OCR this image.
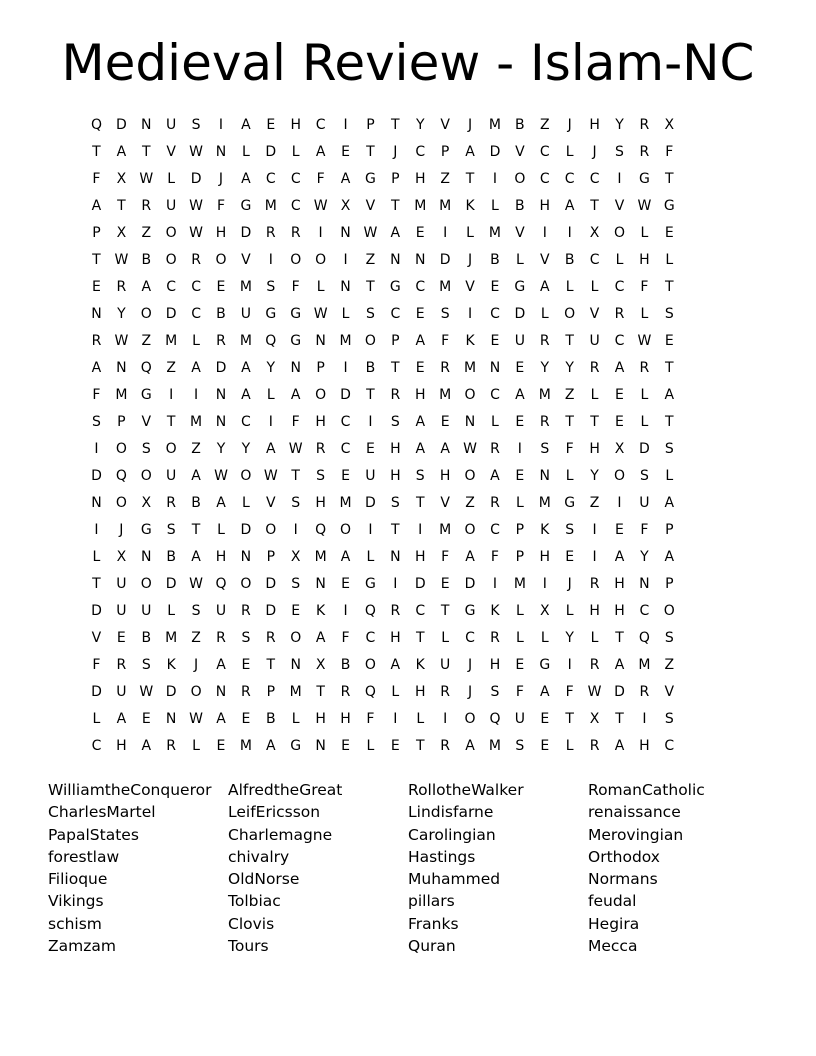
Medieval Review - Islam-NC
Q	D	N	U	S	I	A	E	H	C	I	P	T	Y	V	J	M	B	Z	J	H	Y	R	X
T	A	T	V W N	L	D	L	A	E	T	J	C	P	A	D	V	C	L	J	S	R	F
F	X W	L	D	J	A	C	C	F	A	G	P	H	Z	T	I	O	C	C	C	I	G	T
A	T	R	U W F	G M C W X	V	T	M M	K	L	B	H	A	T	V W G
P	X	Z	O W H	D	R	R	I	N W A	E	I	L	M	V	I	I	X	O	L	E
T W B	O	R	O	V	I	O O	I	Z	N	N	D	J	B	L	V	B	C	L	H	L
E	R	A	C	C	E	M	S	F	L	N	T	G	C M	V	E	G	A	L	L	C	F	T
N	Y	O	D	C	B	U	G	G W	L	S	C	E	S	I	C	D	L	O	V	R	L	S
R W Z	M	L	R	M Q G	N M O	P	A	F	K	E	U	R	T	U	C W E
A	N	Q	Z	A	D	A	Y	N	P	I	B	T	E	R	M N	E	Y	Y	R	A	R	T
F	M G	I	I	N	A	L	A	O	D	T	R	H M O	C	A	M	Z	L	E	L	A
S	P	V	T	M N	C	I	F	H	C	I	S	A	E	N	L	E	R	T	T	E	L	T
I	O	S	O	Z	Y	Y	A W R	C	E	H	A	A W R	I	S	F	H	X	D	S
D	Q O	U	A W O W T	S	E	U	H	S	H	O	A	E	N	L	Y	O	S	L
N	O	X	R	B	A	L	V	S	H M D	S	T	V	Z	R	L	M G	Z	I	U	A
I	J	G	S	T	L	D	O	I	Q O	I	T	I	M O	C	P	K	S	I	E	F	P
L	X	N	B	A	H	N	P	X	M	A	L	N	H	F	A	F	P	H	E	I	A	Y	A
T	U	O	D W Q O	D	S	N	E	G	I	D	E	D	I	M	I	J	R	H	N	P
D	U	U	L	S	U	R	D	E	K	I	Q	R	C	T	G	K	L	X	L	H	H	C	O
V	E	B	M	Z	R	S	R	O	A	F	C	H	T	L	C	R	L	L	Y	L	T	Q	S
F	R	S	K	J	A	E	T	N	X	B	O	A	K	U	J	H	E	G	I	R	A	M	Z
D	U W D	O	N	R	P	M	T	R	Q	L	H	R	J	S	F	A	F W D	R	V
L	A	E	N W A	E	B	L	H	H	F	I	L	I	O Q	U	E	T	X	T	I	S
C	H	A	R	L	E	M	A	G	N	E	L	E	T	R	A	M	S	E	L	R	A	H	C
WilliamtheConqueror
CharlesMartel
PapalStates
forestlaw
Filioque
Vikings
schism
Zamzam
AlfredtheGreat
LeifEricsson
Charlemagne
chivalry
OldNorse
Tolbiac
Clovis
Tours
RollotheWalker
Lindisfarne
Carolingian
Hastings
Muhammed
pillars
Franks
Quran
RomanCatholic
renaissance
Merovingian
Orthodox
Normans
feudal
Hegira
Mecca
